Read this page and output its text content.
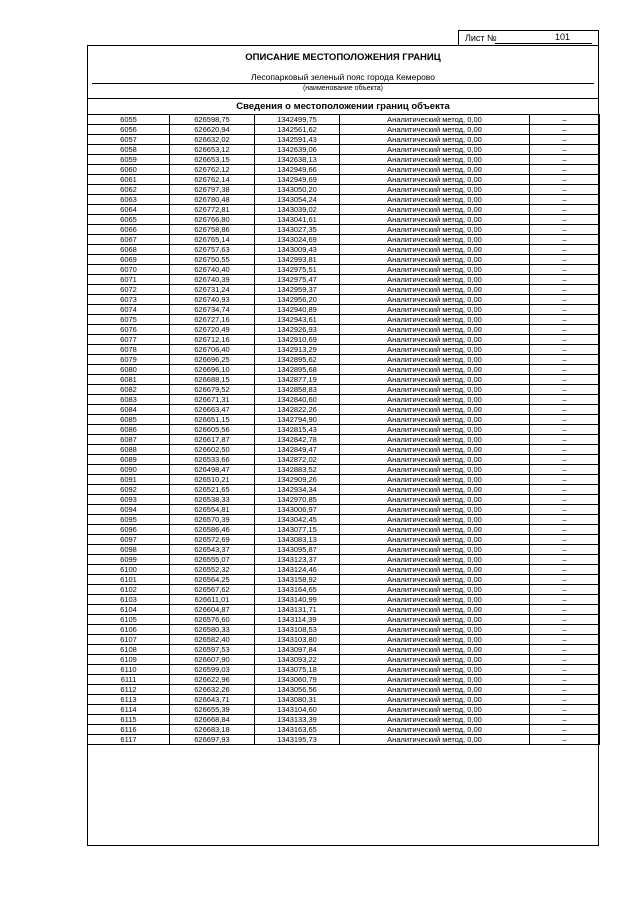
Лист №	101
ОПИСАНИЕ МЕСТОПОЛОЖЕНИЯ ГРАНИЦ
Лесопарковый зеленый пояс города Кемерово
(наименование объекта)
Сведения о местоположении границ объекта
6055	626598,75	1342499,75	Аналитический метод, 0,00	–
6056	626620,94	1342561,62	Аналитический метод, 0,00	–
6057	626632,02	1342591,43	Аналитический метод, 0,00	–
6058	626653,12	1342639,06	Аналитический метод, 0,00	–
6059	626653,15	1342638,13	Аналитический метод, 0,00	–
6060	626762,12	1342949,66	Аналитический метод, 0,00	–
6061	626762,14	1342949,69	Аналитический метод, 0,00	–
6062	626797,38	1343050,20	Аналитический метод, 0,00	–
6063	626780,48	1343054,24	Аналитический метод, 0,00	–
6064	626772,81	1343039,02	Аналитический метод, 0,00	–
6065	626766,80	1343041,61	Аналитический метод, 0,00	–
6066	626758,86	1343027,35	Аналитический метод, 0,00	–
6067	626765,14	1343024,69	Аналитический метод, 0,00	–
6068	626757,63	1343009,43	Аналитический метод, 0,00	–
6069	626750,55	1342993,81	Аналитический метод, 0,00	–
6070	626740,40	1342975,51	Аналитический метод, 0,00	–
6071	626740,39	1342975,47	Аналитический метод, 0,00	–
6072	626731,24	1342959,37	Аналитический метод, 0,00	–
6073	626740,93	1342956,20	Аналитический метод, 0,00	–
6074	626734,74	1342940,89	Аналитический метод, 0,00	–
6075	626727,16	1342943,61	Аналитический метод, 0,00	–
6076	626720,49	1342926,93	Аналитический метод, 0,00	–
6077	626712,16	1342910,69	Аналитический метод, 0,00	–
6078	626706,40	1342913,29	Аналитический метод, 0,00	–
6079	626696,25	1342895,62	Аналитический метод, 0,00	–
6080	626696,10	1342895,68	Аналитический метод, 0,00	–
6081	626688,15	1342877,19	Аналитический метод, 0,00	–
6082	626679,52	1342858,83	Аналитический метод, 0,00	–
6083	626671,31	1342840,60	Аналитический метод, 0,00	–
6084	626663,47	1342822,26	Аналитический метод, 0,00	–
6085	626651,15	1342794,90	Аналитический метод, 0,00	–
6086	626605,56	1342815,43	Аналитический метод, 0,00	–
6087	626617,87	1342842,78	Аналитический метод, 0,00	–
6088	626602,50	1342849,47	Аналитический метод, 0,00	–
6089	626533,66	1342872,02	Аналитический метод, 0,00	–
6090	626498,47	1342883,52	Аналитический метод, 0,00	–
6091	626510,21	1342909,26	Аналитический метод, 0,00	–
6092	626521,65	1342934,34	Аналитический метод, 0,00	–
6093	626538,33	1342970,85	Аналитический метод, 0,00	–
6094	626554,81	1343006,97	Аналитический метод, 0,00	–
6095	626570,39	1343042,45	Аналитический метод, 0,00	–
6096	626586,46	1343077,15	Аналитический метод, 0,00	–
6097	626572,69	1343083,13	Аналитический метод, 0,00	–
6098	626543,37	1343095,87	Аналитический метод, 0,00	–
6099	626555,07	1343123,37	Аналитический метод, 0,00	–
6100	626552,32	1343124,46	Аналитический метод, 0,00	–
6101	626564,25	1343158,92	Аналитический метод, 0,00	–
6102	626567,62	1343164,65	Аналитический метод, 0,00	–
6103	626611,01	1343140,99	Аналитический метод, 0,00	–
6104	626604,87	1343131,71	Аналитический метод, 0,00	–
6105	626576,60	1343114,39	Аналитический метод, 0,00	–
6106	626580,33	1343108,53	Аналитический метод, 0,00	–
6107	626582,40	1343103,80	Аналитический метод, 0,00	–
6108	626597,53	1343097,84	Аналитический метод, 0,00	–
6109	626607,90	1343093,22	Аналитический метод, 0,00	–
6110	626599,03	1343075,18	Аналитический метод, 0,00	–
6111	626622,96	1343060,79	Аналитический метод, 0,00	–
6112	626632,26	1343056,56	Аналитический метод, 0,00	–
6113	626643,71	1343080,31	Аналитический метод, 0,00	–
6114	626655,39	1343104,60	Аналитический метод, 0,00	–
6115	626668,84	1343133,39	Аналитический метод, 0,00	–
6116	626683,18	1343163,65	Аналитический метод, 0,00	–
6117	626697,93	1343195,73	Аналитический метод, 0,00	–
